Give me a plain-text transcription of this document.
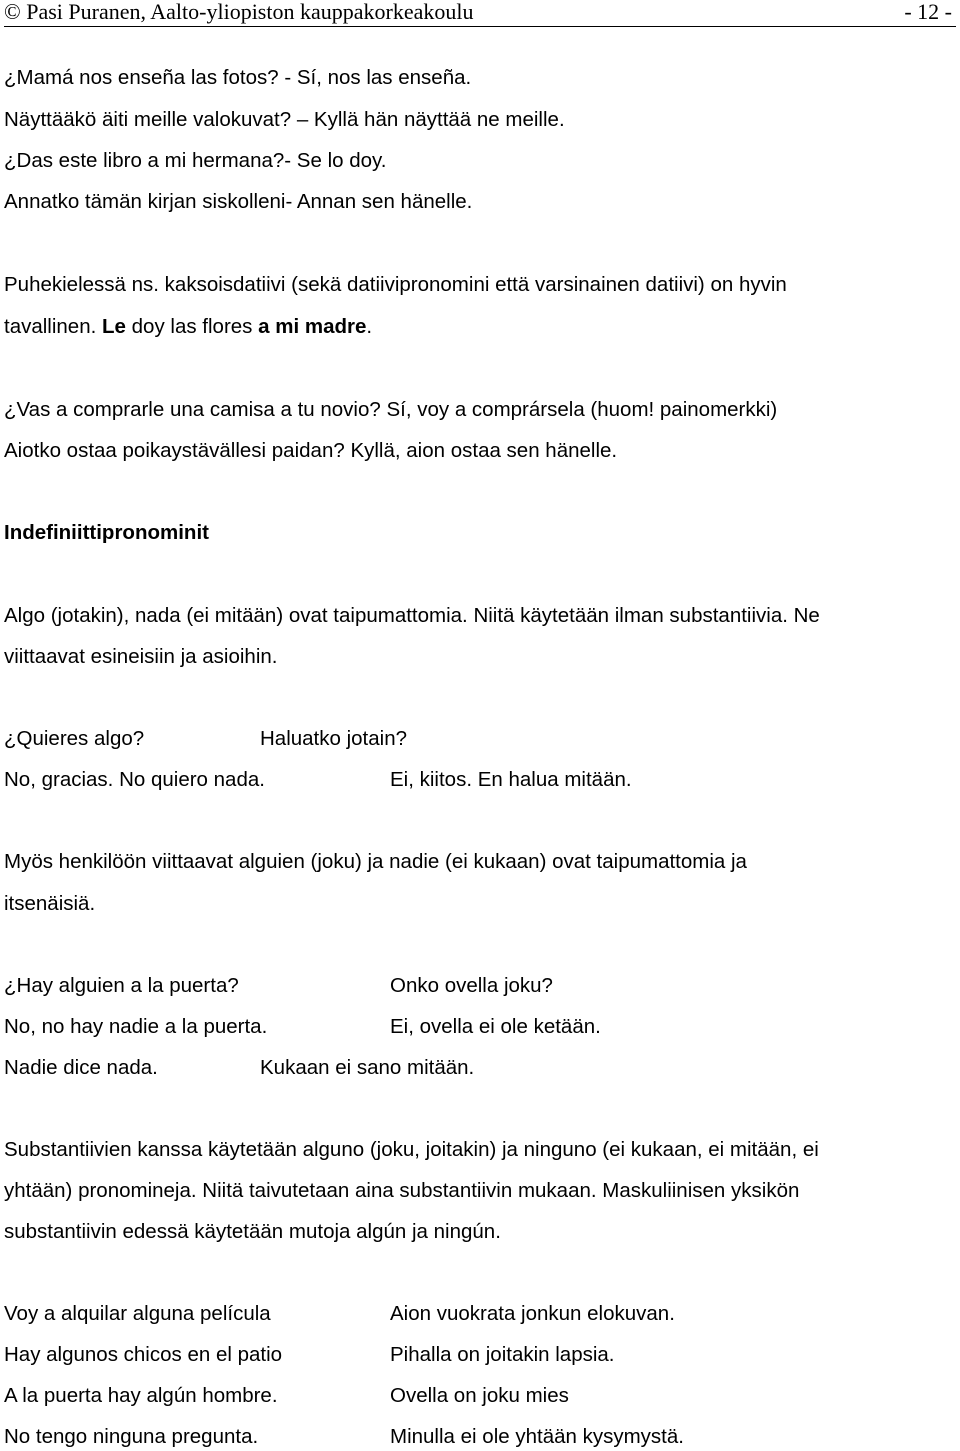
© Pasi Puranen, Aalto-yliopiston kauppakorkeakoulu	- 12 -
¿Mamá nos enseña las fotos? - Sí, nos las enseña.
Näyttääkö äiti meille valokuvat? – Kyllä hän näyttää ne meille.
¿Das este libro a mi hermana?- Se lo doy.
Annatko tämän kirjan siskolleni- Annan sen hänelle.
Puhekielessä ns. kaksoisdatiivi (sekä datiivipronomini että varsinainen datiivi) on hyvin
tavallinen. Le doy las flores a mi madre.
¿Vas a comprarle una camisa a tu novio? Sí, voy a comprársela (huom! painomerkki)
Aiotko ostaa poikaystävällesi paidan? Kyllä, aion ostaa sen hänelle.
Indefiniittipronominit
Algo (jotakin), nada (ei mitään) ovat taipumattomia. Niitä käytetään ilman substantiivia. Ne
viittaavat esineisiin ja asioihin.
¿Quieres algo?	Haluatko jotain?
No, gracias. No quiero nada.	Ei, kiitos. En halua mitään.
Myös henkilöön viittaavat alguien (joku) ja nadie (ei kukaan) ovat taipumattomia ja
itsenäisiä.
¿Hay alguien a la puerta?	Onko ovella joku?
No, no hay nadie a la puerta.	Ei, ovella ei ole ketään.
Nadie dice nada.	Kukaan ei sano mitään.
Substantiivien kanssa käytetään alguno (joku, joitakin) ja ninguno (ei kukaan, ei mitään, ei
yhtään) pronomineja. Niitä taivutetaan aina substantiivin mukaan. Maskuliinisen yksikön
substantiivin edessä käytetään mutoja algún ja ningún.
Voy a alquilar alguna película	Aion vuokrata jonkun elokuvan.
Hay algunos chicos en el patio	Pihalla on joitakin lapsia.
A la puerta hay algún hombre.	Ovella on joku mies
No tengo ninguna pregunta.	Minulla ei ole yhtään kysymystä.
